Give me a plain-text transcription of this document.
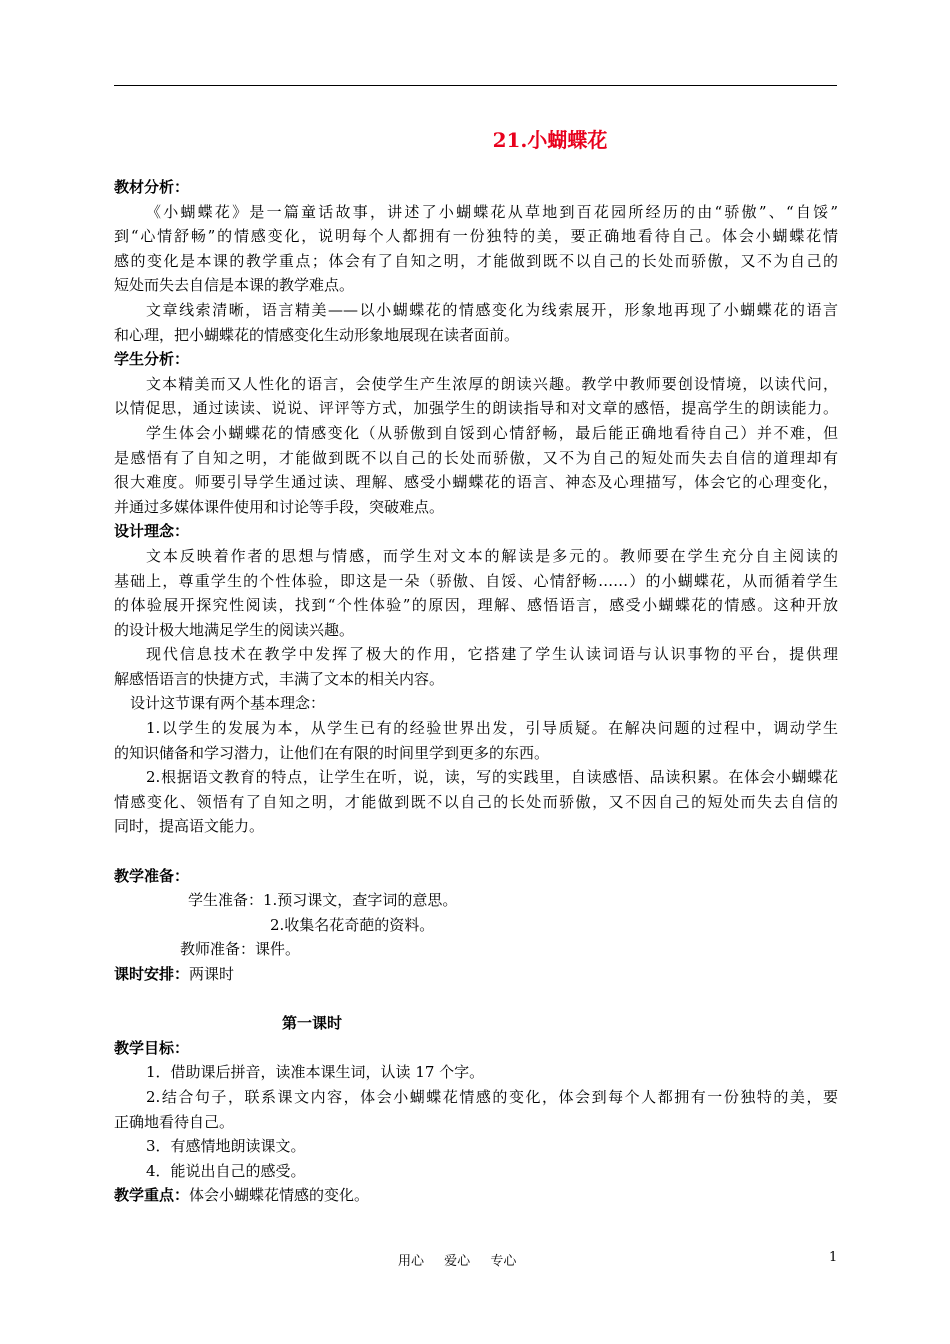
21.小蝴蝶花
教材分析：
《小蝴蝶花》是一篇童话故事，讲述了小蝴蝶花从草地到百花园所经历的由“骄傲”、“自馁”
到“心情舒畅”的情感变化，说明每个人都拥有一份独特的美，要正确地看待自己。体会小蝴蝶花情
感的变化是本课的教学重点；体会有了自知之明，才能做到既不以自己的长处而骄傲，又不为自己的
短处而失去自信是本课的教学难点。
文章线索清晰，语言精美——以小蝴蝶花的情感变化为线索展开，形象地再现了小蝴蝶花的语言
和心理，把小蝴蝶花的情感变化生动形象地展现在读者面前。
学生分析：
文本精美而又人性化的语言，会使学生产生浓厚的朗读兴趣。教学中教师要创设情境，以读代问，
以情促思，通过读读、说说、评评等方式，加强学生的朗读指导和对文章的感悟，提高学生的朗读能力。
学生体会小蝴蝶花的情感变化（从骄傲到自馁到心情舒畅，最后能正确地看待自己）并不难，但
是感悟有了自知之明，才能做到既不以自己的长处而骄傲，又不为自己的短处而失去自信的道理却有
很大难度。师要引导学生通过读、理解、感受小蝴蝶花的语言、神态及心理描写，体会它的心理变化，
并通过多媒体课件使用和讨论等手段，突破难点。
设计理念：
文本反映着作者的思想与情感，而学生对文本的解读是多元的。教师要在学生充分自主阅读的
基础上，尊重学生的个性体验，即这是一朵（骄傲、自馁、心情舒畅……）的小蝴蝶花，从而循着学生
的体验展开探究性阅读，找到“个性体验”的原因，理解、感悟语言，感受小蝴蝶花的情感。这种开放
的设计极大地满足学生的阅读兴趣。
现代信息技术在教学中发挥了极大的作用，它搭建了学生认读词语与认识事物的平台，提供理
解感悟语言的快捷方式，丰满了文本的相关内容。
设计这节课有两个基本理念：
1.以学生的发展为本，从学生已有的经验世界出发，引导质疑。在解决问题的过程中，调动学生
的知识储备和学习潜力，让他们在有限的时间里学到更多的东西。
2.根据语文教育的特点，让学生在听，说，读，写的实践里，自读感悟、品读积累。在体会小蝴蝶花
情感变化、领悟有了自知之明，才能做到既不以自己的长处而骄傲，又不因自己的短处而失去自信的
同时，提高语文能力。
教学准备：
学生准备：1.预习课文，查字词的意思。
2.收集名花奇葩的资料。
教师准备：课件。
课时安排：两课时
第一课时
教学目标：
1．借助课后拼音，读准本课生词，认读 17 个字。
2.结合句子，联系课文内容，体会小蝴蝶花情感的变化，体会到每个人都拥有一份独特的美，要
正确地看待自己。
3．有感情地朗读课文。
4．能说出自己的感受。
教学重点：体会小蝴蝶花情感的变化。
用心 爱心 专心	1
